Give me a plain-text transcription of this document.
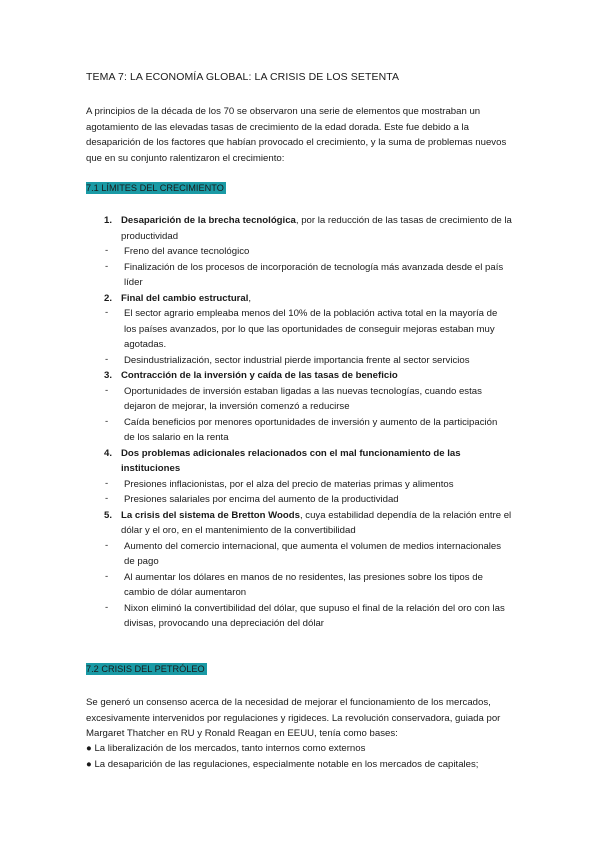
TEMA 7: LA ECONOMÍA GLOBAL: LA CRISIS DE LOS SETENTA

A principios de la década de los 70 se observaron una serie de elementos que mostraban un agotamiento de las elevadas tasas de crecimiento de la edad dorada. Este fue debido a la desaparición de los factores que habían provocado el crecimiento, y la suma de problemas nuevos que en su conjunto ralentizaron el crecimiento:

7.1 LÍMITES DEL CRECIMIENTO
1. Desaparición de la brecha tecnológica, por la reducción de las tasas de crecimiento de la productividad
- Freno del avance tecnológico
- Finalización de los procesos de incorporación de tecnología más avanzada desde el país líder
2. Final del cambio estructural,
- El sector agrario empleaba menos del 10% de la población activa total en la mayoría de los países avanzados, por lo que las oportunidades de conseguir mejoras estaban muy agotadas.
- Desindustrialización, sector industrial pierde importancia frente al sector servicios
3. Contracción de la inversión y caída de las tasas de beneficio
- Oportunidades de inversión estaban ligadas a las nuevas tecnologías, cuando estas dejaron de mejorar, la inversión comenzó a reducirse
- Caída beneficios por menores oportunidades de inversión y aumento de la participación de los salario en la renta
4. Dos problemas adicionales relacionados con el mal funcionamiento de las instituciones
- Presiones inflacionistas, por el alza del precio de materias primas y alimentos
- Presiones salariales por encima del aumento de la productividad
5. La crisis del sistema de Bretton Woods, cuya estabilidad dependía de la relación entre el dólar y el oro, en el mantenimiento de la convertibilidad
- Aumento del comercio internacional, que aumenta el volumen de medios internacionales de pago
- Al aumentar los dólares en manos de no residentes, las presiones sobre los tipos de cambio de dólar aumentaron
- Nixon eliminó la convertibilidad del dólar, que supuso el final de la relación del oro con las divisas, provocando una depreciación del dólar
7.2 CRISIS DEL PETRÓLEO

Se generó un consenso acerca de la necesidad de mejorar el funcionamiento de los mercados, excesivamente intervenidos por regulaciones y rigideces. La revolución conservadora, guiada por Margaret Thatcher en RU y Ronald Reagan en EEUU, tenía como bases:

● La liberalización de los mercados, tanto internos como externos
● La desaparición de las regulaciones, especialmente notable en los mercados de capitales;
